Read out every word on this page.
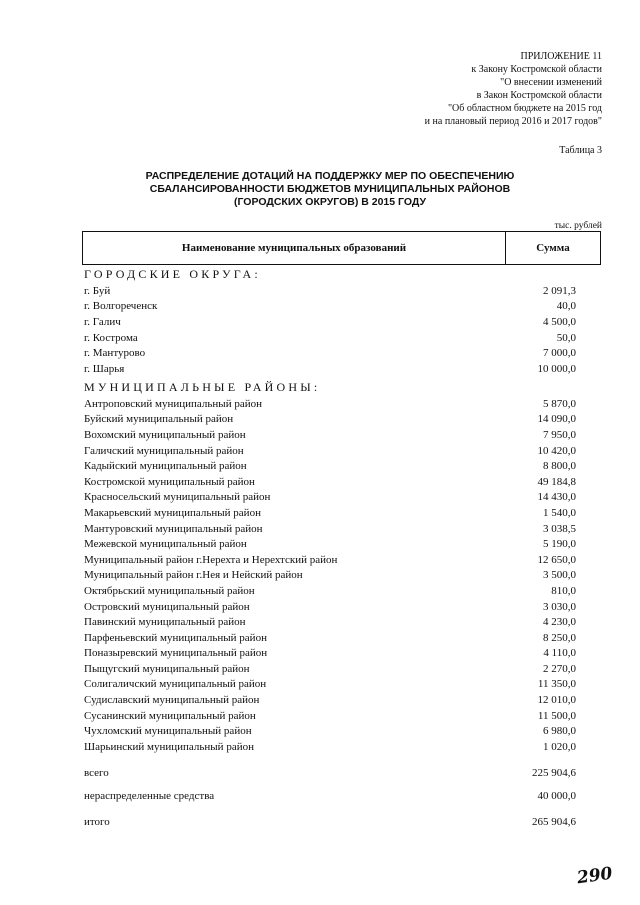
ПРИЛОЖЕНИЕ 11
к Закону Костромской области
"О внесении изменений
в Закон Костромской области
"Об областном бюджете на 2015 год
и на плановый период 2016 и 2017 годов"
Таблица 3
РАСПРЕДЕЛЕНИЕ ДОТАЦИЙ НА ПОДДЕРЖКУ МЕР ПО ОБЕСПЕЧЕНИЮ
СБАЛАНСИРОВАННОСТИ БЮДЖЕТОВ МУНИЦИПАЛЬНЫХ РАЙОНОВ
(ГОРОДСКИХ ОКРУГОВ) В 2015 ГОДУ
тыс. рублей
Наименование муниципальных образований	Сумма
ГОРОДСКИЕ ОКРУГА:
г. Буй	2 091,3
г. Волгореченск	40,0
г. Галич	4 500,0
г. Кострома	50,0
г. Мантурово	7 000,0
г. Шарья	10 000,0
МУНИЦИПАЛЬНЫЕ РАЙОНЫ:
Антроповский муниципальный район	5 870,0
Буйский муниципальный район	14 090,0
Вохомский муниципальный район	7 950,0
Галичский муниципальный район	10 420,0
Кадыйский муниципальный район	8 800,0
Костромской муниципальный район	49 184,8
Красносельский муниципальный район	14 430,0
Макарьевский муниципальный район	1 540,0
Мантуровский муниципальный район	3 038,5
Межевской муниципальный район	5 190,0
Муниципальный район г.Нерехта и Нерехтский район	12 650,0
Муниципальный район г.Нея и Нейский район	3 500,0
Октябрьский муниципальный район	810,0
Островский муниципальный район	3 030,0
Павинский муниципальный район	4 230,0
Парфеньевский муниципальный район	8 250,0
Поназыревский муниципальный район	4 110,0
Пыщугский муниципальный район	2 270,0
Солигаличский муниципальный район	11 350,0
Судиславский муниципальный район	12 010,0
Сусанинский муниципальный район	11 500,0
Чухломский муниципальный район	6 980,0
Шарьинский муниципальный район	1 020,0
всего	225 904,6
нераспределенные средства	40 000,0
итого	265 904,6
290
